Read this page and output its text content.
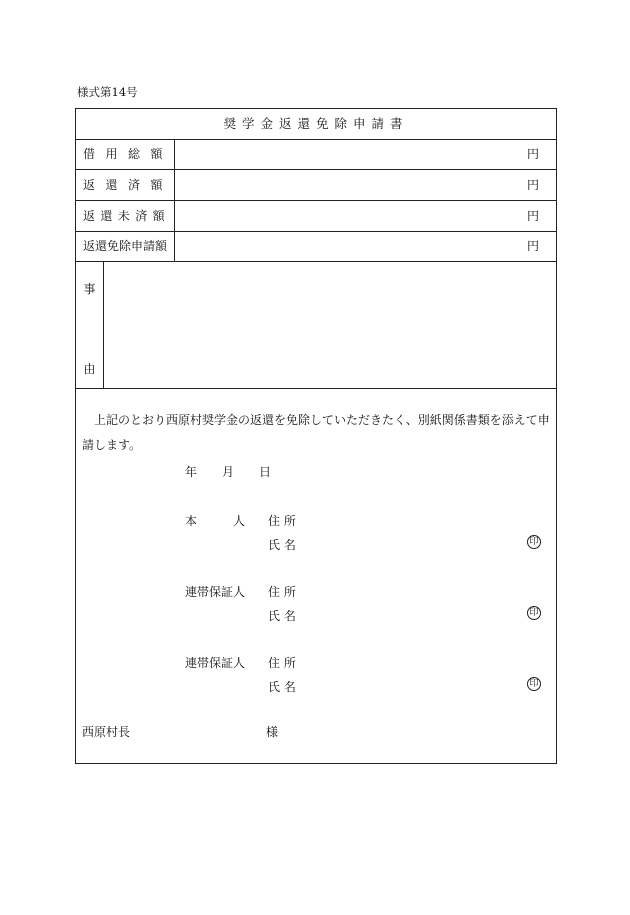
様式第14号
奨学金返還免除申請書
借用総額	円
返還済額	円
返還未済額	円
返還免除申請額	円
事
由
上記のとおり西原村奨学金の返還を免除していただきたく、別紙関係書類を添えて申請します。
年 月 日
本　　　人 住 所
氏 名	印
連帯保証人 住 所
氏 名	印
連帯保証人 住 所
氏 名	印
西原村長	様
